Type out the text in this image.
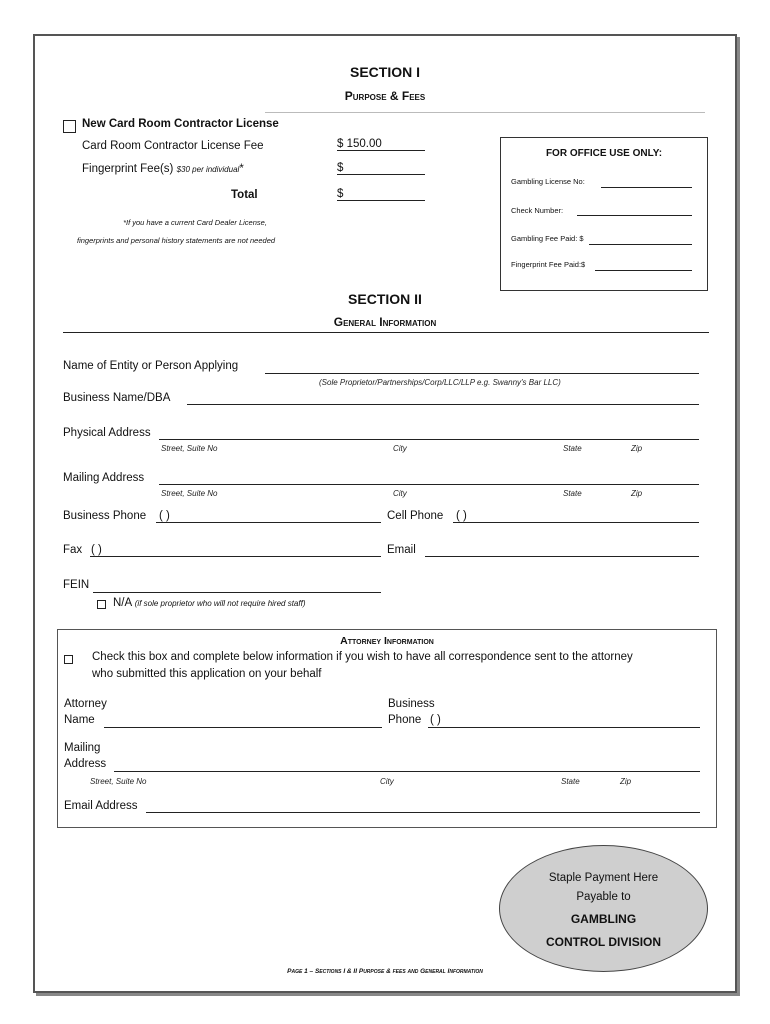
SECTION I
Purpose & Fees
New Card Room Contractor License
Card Room Contractor License Fee	$ 150.00
Fingerprint Fee(s) $30 per individual*	$
Total	$
*If you have a current Card Dealer License,
fingerprints and personal history statements are not needed
FOR OFFICE USE ONLY:
Gambling License No:
Check Number:
Gambling Fee Paid: $
Fingerprint Fee Paid:$
SECTION II
General Information
Name of Entity or Person Applying
(Sole Proprietor/Partnerships/Corp/LLC/LLP e.g. Swanny's Bar LLC)
Business Name/DBA
Physical Address
Street, Suite No	City	State	Zip
Mailing Address
Street, Suite No	City	State	Zip
Business Phone ( )	Cell Phone ( )
Fax ( )	Email
FEIN
N/A (if sole proprietor who will not require hired staff)
Attorney Information
Check this box and complete below information if you wish to have all correspondence sent to the attorney
who submitted this application on your behalf
Attorney
Name
Business
Phone ( )
Mailing
Address
Street, Suite No	City	State	Zip
Email Address
Staple Payment Here
Payable to
GAMBLING
CONTROL DIVISION
Page 1 – Sections I & II Purpose & fees and General Information
